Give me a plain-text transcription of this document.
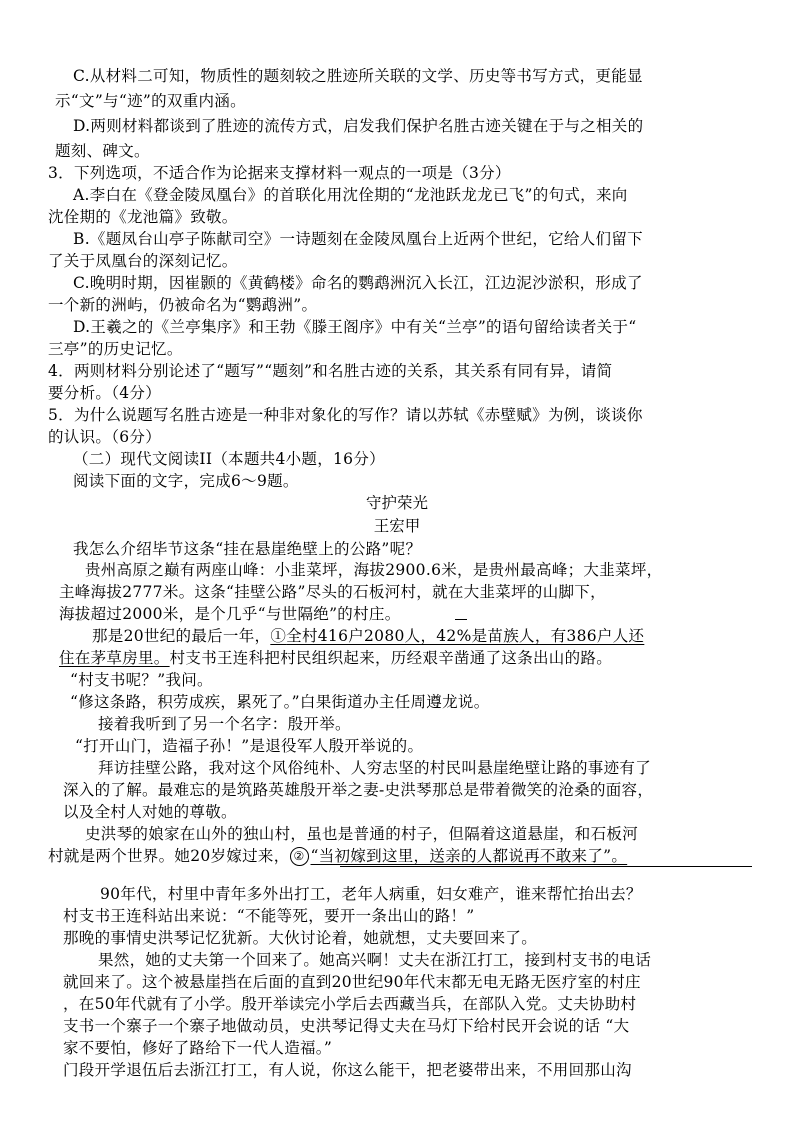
C.从材料二可知，物质性的题刻较之胜迹所关联的文学、历史等书写方式，更能显
示“文”与“迹”的双重内涵。
D.两则材料都谈到了胜迹的流传方式，启发我们保护名胜古迹关键在于与之相关的
题刻、碑文。
3．下列选项，不适合作为论据来支撑材料一观点的一项是（3分）
A.李白在《登金陵凤凰台》的首联化用沈佺期的“龙池跃龙龙已飞”的句式，来向
沈佺期的《龙池篇》致敬。
B.《题凤台山亭子陈献司空》一诗题刻在金陵凤凰台上近两个世纪，它给人们留下
了关于凤凰台的深刻记忆。
C.晚明时期，因崔颢的《黄鹤楼》命名的鹦鹉洲沉入长江，江边泥沙淤积，形成了
一个新的洲屿，仍被命名为“鹦鹉洲”。
D.王羲之的《兰亭集序》和王勃《滕王阁序》中有关“兰亭”的语句留给读者关于“
三亭”的历史记忆。
4．两则材料分别论述了“题写”“题刻”和名胜古迹的关系，其关系有同有异，请简
要分析。（4分）
5．为什么说题写名胜古迹是一种非对象化的写作？请以苏轼《赤壁赋》为例，谈谈你
的认识。（6分）
（二）现代文阅读II（本题共4小题，16分）
阅读下面的文字，完成6～9题。
守护荣光
王宏甲
我怎么介绍毕节这条“挂在悬崖绝壁上的公路”呢？
贵州高原之巅有两座山峰：小韭菜坪，海拔2900.6米，是贵州最高峰；大韭菜坪，
主峰海拔2777米。这条“挂壁公路”尽头的石板河村，就在大韭菜坪的山脚下，
海拔超过2000米，是个几乎“与世隔绝”的村庄。
那是20世纪的最后一年，①全村416户2080人，42%是苗族人，有386户人还
住在茅草房里。村支书王连科把村民组织起来，历经艰辛凿通了这条出山的路。
“村支书呢？”我问。
“修这条路，积劳成疾，累死了。”白果街道办主任周遵龙说。
接着我听到了另一个名字：殷开举。
“打开山门，造福子孙！”是退役军人殷开举说的。
拜访挂壁公路，我对这个风俗纯朴、人穷志坚的村民叫悬崖绝壁让路的事迹有了
深入的了解。最难忘的是筑路英雄殷开举之妻-史洪琴那总是带着微笑的沧桑的面容，
以及全村人对她的尊敬。
史洪琴的娘家在山外的独山村，虽也是普通的村子，但隔着这道悬崖，和石板河
村就是两个世界。她20岁嫁过来， ② “当初嫁到这里，送亲的人都说再不敢来了”。
90年代，村里中青年多外出打工，老年人病重，妇女难产，谁来帮忙抬出去？
村支书王连科站出来说：“不能等死，要开一条出山的路！”
那晚的事情史洪琴记忆犹新。大伙讨论着，她就想，丈夫要回来了。
果然，她的丈夫第一个回来了。她高兴啊！丈夫在浙江打工，接到村支书的电话
就回来了。这个被悬崖挡在后面的直到20世纪90年代末都无电无路无医疗室的村庄
，在50年代就有了小学。殷开举读完小学后去西藏当兵，在部队入党。丈夫协助村
支书一个寨子一个寨子地做动员，史洪琴记得丈夫在马灯下给村民开会说的话 “大
家不要怕，修好了路给下一代人造福。”
门段开学退伍后去浙江打工，有人说，你这么能干，把老婆带出来，不用回那山沟
